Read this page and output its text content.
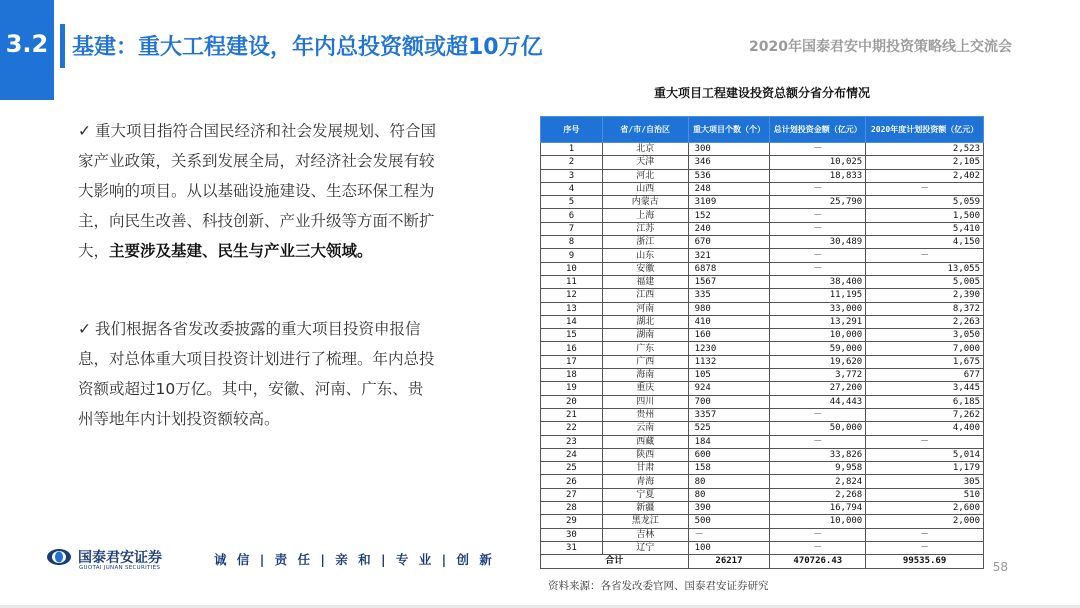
3.2 基建：重大工程建设，年内总投资额或超10万亿	2020年国泰君安中期投资策略线上交流会
✓ 重大项目指符合国民经济和社会发展规划、符合国家产业政策，关系到发展全局，对经济社会发展有较大影响的项目。从以基础设施建设、生态环保工程为主，向民生改善、科技创新、产业升级等方面不断扩大，主要涉及基建、民生与产业三大领域。
✓ 我们根据各省发改委披露的重大项目投资申报信息，对总体重大项目投资计划进行了梳理。年内总投资额或超过10万亿。其中，安徽、河南、广东、贵州等地年内计划投资额较高。
重大项目工程建设投资总额分省分布情况
序号	省/市/自治区	重大项目个数（个）	总计划投资金额（亿元）	2020年度计划投资额（亿元）
1	北京	300	－	2,523
2	天津	346	10,025	2,105
3	河北	536	18,833	2,402
4	山西	248	－	－
5	内蒙古	3109	25,790	5,059
6	上海	152	－	1,500
7	江苏	240	－	5,410
8	浙江	670	30,489	4,150
9	山东	321	－	－
10	安徽	6878	－	13,055
11	福建	1567	38,400	5,005
12	江西	335	11,195	2,390
13	河南	980	33,000	8,372
14	湖北	410	13,291	2,263
15	湖南	160	10,000	3,050
16	广东	1230	59,000	7,000
17	广西	1132	19,620	1,675
18	海南	105	3,772	677
19	重庆	924	27,200	3,445
20	四川	700	44,443	6,185
21	贵州	3357	－	7,262
22	云南	525	50,000	4,400
23	西藏	184	－	－
24	陕西	600	33,826	5,014
25	甘肃	158	9,958	1,179
26	青海	80	2,824	305
27	宁夏	80	2,268	510
28	新疆	390	16,794	2,600
29	黑龙江	500	10,000	2,000
30	吉林	－	－	－
31	辽宁	100	－	－
合计		26217	470726.43	99535.69
资料来源：各省发改委官网、国泰君安证券研究
58
国泰君安证券
GUOTAI JUNAN SECURITIES
诚 信 | 责 任 | 亲 和 | 专 业 | 创 新
